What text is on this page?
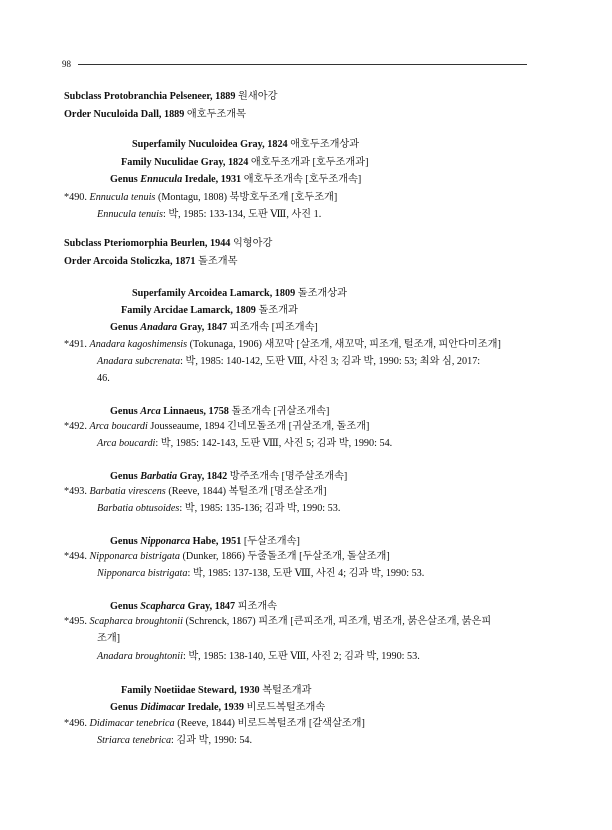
98
Subclass Protobranchia Pelseneer, 1889 원새아강
Order Nuculoida Dall, 1889 애호두조개목
Superfamily Nuculoidea Gray, 1824 애호두조개상과
Family Nuculidae Gray, 1824 애호두조개과 [호두조개과]
Genus Ennucula Iredale, 1931 애호두조개속 [호두조개속]
*490. Ennucula tenuis (Montagu, 1808) 북방호두조개 [호두조개]
Ennucula tenuis: 박, 1985: 133-134, 도판 Ⅷ, 사진 1.
Subclass Pteriomorphia Beurlen, 1944 익형아강
Order Arcoida Stoliczka, 1871 돌조개목
Superfamily Arcoidea Lamarck, 1809 돌조개상과
Family Arcidae Lamarck, 1809 돌조개과
Genus Anadara Gray, 1847 피조개속 [피조개속]
*491. Anadara kagoshimensis (Tokunaga, 1906) 새꼬막 [살조개, 새꼬막, 피조개, 털조개, 피안다미조개]
Anadara subcrenata: 박, 1985: 140-142, 도판 Ⅷ, 사진 3; 김과 박, 1990: 53; 최와 심, 2017:
46.
Genus Arca Linnaeus, 1758 돌조개속 [귀살조개속]
*492. Arca boucardi Jousseaume, 1894 긴네모돌조개 [귀살조개, 돌조개]
Arca boucardi: 박, 1985: 142-143, 도판 Ⅷ, 사진 5; 김과 박, 1990: 54.
Genus Barbatia Gray, 1842 방주조개속 [명주살조개속]
*493. Barbatia virescens (Reeve, 1844) 복털조개 [명조살조개]
Barbatia obtusoides: 박, 1985: 135-136; 김과 박, 1990: 53.
Genus Nipponarca Habe, 1951 [두살조개속]
*494. Nipponarca bistrigata (Dunker, 1866) 두줄돌조개 [두살조개, 돌살조개]
Nipponarca bistrigata: 박, 1985: 137-138, 도판 Ⅷ, 사진 4; 김과 박, 1990: 53.
Genus Scapharca Gray, 1847 피조개속
*495. Scapharca broughtonii (Schrenck, 1867) 피조개 [큰피조개, 피조개, 범조개, 붉은살조개, 붉은피
조개]
Anadara broughtonii: 박, 1985: 138-140, 도판 Ⅷ, 사진 2; 김과 박, 1990: 53.
Family Noetiidae Steward, 1930 복털조개과
Genus Didimacar Iredale, 1939 비로드복털조개속
*496. Didimacar tenebrica (Reeve, 1844) 비로드복털조개 [갈색살조개]
Striarca tenebrica: 김과 박, 1990: 54.
